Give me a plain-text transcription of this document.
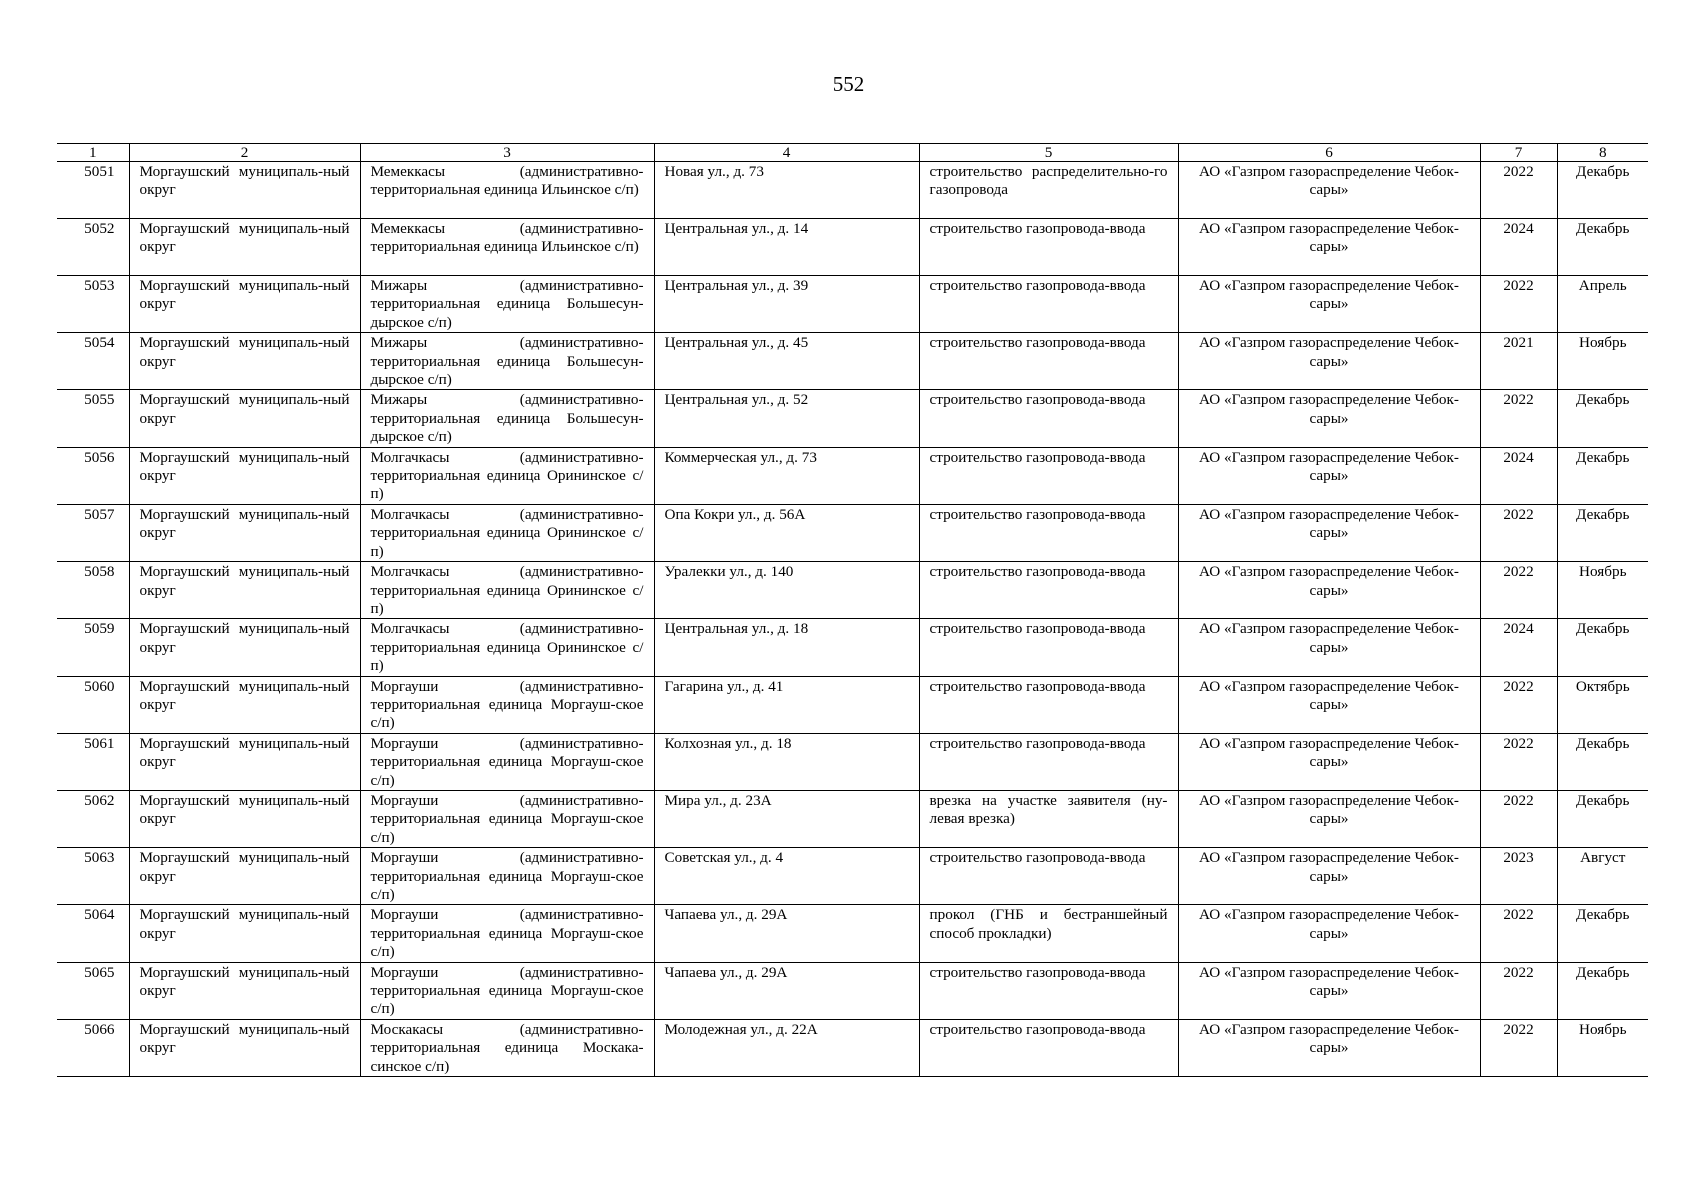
552
1	2	3	4	5	6	7	8
5051	Моргаушский муниципаль-ный округ	Мемеккасы (административно-территориальная единица Ильинское с/п)	Новая ул., д. 73	строительство распределительно-го газопровода	АО «Газпром газораспределение Чебок-сары»	2022	Декабрь
5052	Моргаушский муниципаль-ный округ	Мемеккасы (административно-территориальная единица Ильинское с/п)	Центральная ул., д. 14	строительство газопровода-ввода	АО «Газпром газораспределение Чебок-сары»	2024	Декабрь
5053	Моргаушский муниципаль-ный округ	Мижары (административно-территориальная единица Большесун-дырское с/п)	Центральная ул., д. 39	строительство газопровода-ввода	АО «Газпром газораспределение Чебок-сары»	2022	Апрель
5054	Моргаушский муниципаль-ный округ	Мижары (административно-территориальная единица Большесун-дырское с/п)	Центральная ул., д. 45	строительство газопровода-ввода	АО «Газпром газораспределение Чебок-сары»	2021	Ноябрь
5055	Моргаушский муниципаль-ный округ	Мижары (административно-территориальная единица Большесун-дырское с/п)	Центральная ул., д. 52	строительство газопровода-ввода	АО «Газпром газораспределение Чебок-сары»	2022	Декабрь
5056	Моргаушский муниципаль-ный округ	Молгачкасы (административно-территориальная единица Орининское с/п)	Коммерческая ул., д. 73	строительство газопровода-ввода	АО «Газпром газораспределение Чебок-сары»	2024	Декабрь
5057	Моргаушский муниципаль-ный округ	Молгачкасы (административно-территориальная единица Орининское с/п)	Опа Кокри ул., д. 56А	строительство газопровода-ввода	АО «Газпром газораспределение Чебок-сары»	2022	Декабрь
5058	Моргаушский муниципаль-ный округ	Молгачкасы (административно-территориальная единица Орининское с/п)	Уралекки ул., д. 140	строительство газопровода-ввода	АО «Газпром газораспределение Чебок-сары»	2022	Ноябрь
5059	Моргаушский муниципаль-ный округ	Молгачкасы (административно-территориальная единица Орининское с/п)	Центральная ул., д. 18	строительство газопровода-ввода	АО «Газпром газораспределение Чебок-сары»	2024	Декабрь
5060	Моргаушский муниципаль-ный округ	Моргауши (административно-территориальная единица Моргауш-ское с/п)	Гагарина ул., д. 41	строительство газопровода-ввода	АО «Газпром газораспределение Чебок-сары»	2022	Октябрь
5061	Моргаушский муниципаль-ный округ	Моргауши (административно-территориальная единица Моргауш-ское с/п)	Колхозная ул., д. 18	строительство газопровода-ввода	АО «Газпром газораспределение Чебок-сары»	2022	Декабрь
5062	Моргаушский муниципаль-ный округ	Моргауши (административно-территориальная единица Моргауш-ское с/п)	Мира ул., д. 23А	врезка на участке заявителя (ну-левая врезка)	АО «Газпром газораспределение Чебок-сары»	2022	Декабрь
5063	Моргаушский муниципаль-ный округ	Моргауши (административно-территориальная единица Моргауш-ское с/п)	Советская ул., д. 4	строительство газопровода-ввода	АО «Газпром газораспределение Чебок-сары»	2023	Август
5064	Моргаушский муниципаль-ный округ	Моргауши (административно-территориальная единица Моргауш-ское с/п)	Чапаева ул., д. 29А	прокол (ГНБ и бестраншейный способ прокладки)	АО «Газпром газораспределение Чебок-сары»	2022	Декабрь
5065	Моргаушский муниципаль-ный округ	Моргауши (административно-территориальная единица Моргауш-ское с/п)	Чапаева ул., д. 29А	строительство газопровода-ввода	АО «Газпром газораспределение Чебок-сары»	2022	Декабрь
5066	Моргаушский муниципаль-ный округ	Москакасы (административно-территориальная единица Москака-синское с/п)	Молодежная ул., д. 22А	строительство газопровода-ввода	АО «Газпром газораспределение Чебок-сары»	2022	Ноябрь
